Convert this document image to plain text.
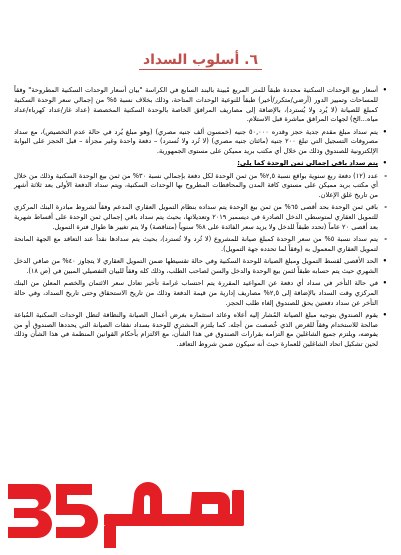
٦. أسلوب السداد
•
أسعار بيع الوحدات السكنية محددة طبقاً للمتر المربع مُبينة بالبند السابع في الكراسة "بيان أسعار الوحدات السكنية المطروحة" وفقاً للمساحات وتمييز الدور (أرضي/متكرر/أخير) طبقاً للنوعية الوحدات المتاحة، وذلك بخلاف نسبة ٥% من إجمالي سعر الوحدة السكنية كمبلغ للصيانة (لا يُرد ولا يُسترد)، بالإضافة إلى مصاريف المرافق الخاصة بالوحدة السكنية المخصصة (عداد غاز/عداد كهرباء/عداد مياه...الخ) لجهات المرافق مباشرة قبل الاستلام.
•
يتم سداد مبلغ مقدم جدية حجز وقدره ٥٠,٠٠٠ جنيه (خمسون ألف جنيه مصري) (وهو مبلغ يُرد في حالة عدم التخصيص)، مع سداد مصروفات التسجيل التي تبلغ ٢٠٠ جنيه (مائتان جنيه مصري) (لا تُرد ولا تُسترد) – دفعة واحدة وغير مجزأة – قبل الحجز على البوابة الإلكترونية للصندوق وذلك من خلال أي مكتب بريد مميكن على مستوى الجمهورية.
•
يتم سداد باقي إجمالي ثمن الوحدة كما يلي:
-
عدد (١٢) دفعة ربع سنوية بواقع نسبة ٢,٥% من ثمن الوحدة لكل دفعة بإجمالي نسبة ٣٠% من ثمن بيع الوحدة السكنية وذلك من خلال أي مكتب بريد مميكن على مستوى كافة المدن والمحافظات المطروح بها الوحدات السكنية، ويتم سداد الدفعة الأولى بعد ثلاثة أشهر من تاريخ غلق الإعلان.
-
باقي ثمن الوحدة بحد أقصى ٦٥% من ثمن بيع الوحدة يتم سداده بنظام التمويل العقاري المدعم وفقاً لشروط مبادرة البنك المركزي للتمويل العقاري لمتوسطي الدخل الصادرة في ديسمبر ٢٠١٩ وتعديلاتها، بحيث يتم سداد باقي إجمالي ثمن الوحدة على أقساط شهرية بعد أقصى ٢٠ عاماً (تحدد طبقاً للدخل ولا يزيد سعر الفائدة على ٨% سنوياً (متناقصة) ولا يتم تغيير ها طوال فترة التمويل.
-
يتم سداد نسبة ٥% من سعر الوحدة كمبلغ صيانة للمشروع (لا تُرد ولا تُسترد)، بحيث يتم سدادها نقداً عند التعاقد مع الجهة المانحة لتمويل العقاري المعمول به (وفقاً لما تحدده جهة التمويل).
•
الحد الأقصى لقسط التمويل ومبلغ الصيانة للوحدة السكنية وفي حالة تقسيطها ضمن التمويل العقاري لا يتجاوز ٤٠% من صافي الدخل الشهري حيث يتم حسابه طبقاً لثمن بيع الوحدة والدخل والسن لصاحب الطلب، وذلك كله وفقاً للبيان التفصيلي المبين في (ص ١٨).
•
في حالة التأخر في سداد أي دفعة عن المواعيد المقررة يتم احتساب غرامة تأخير تعادل سعر الائتمان والخصم المعلن من البنك المركزي وقت السداد بالإضافة إلى ٢,٥% مصاريف إدارية من قيمة الدفعة وذلك من تاريخ الاستحقاق وحتى تاريخ السداد، وفي حالة التأخر عن سداد دفعتين يحق للصندوق إلغاء طلب الحجز.
•
يقوم الصندوق بتوجيه مبلغ الصيانة المُشار إليه أعلاه وعائد استثماره بغرض أعمال الصيانة والنظافة لتظل الوحدات السكنية المُباعة صالحة للاستخدام وفقاً للغرض الذي خُصصت من أجله. كما يلتزم المشتري للوحدة بسداد نفقات الصيانة التي يحددها الصندوق أو من يفوضه، ويلتزم جميع الشاغلين مع التزامه بقرارات الصندوق في هذا الشأن، مع الالتزام بأحكام القوانين المنظمة في هذا الشأن وذلك لحين تشكيل اتحاد الشاغلين للعمارة حيث أنه سيكون ضمن شروط التعاقد.
